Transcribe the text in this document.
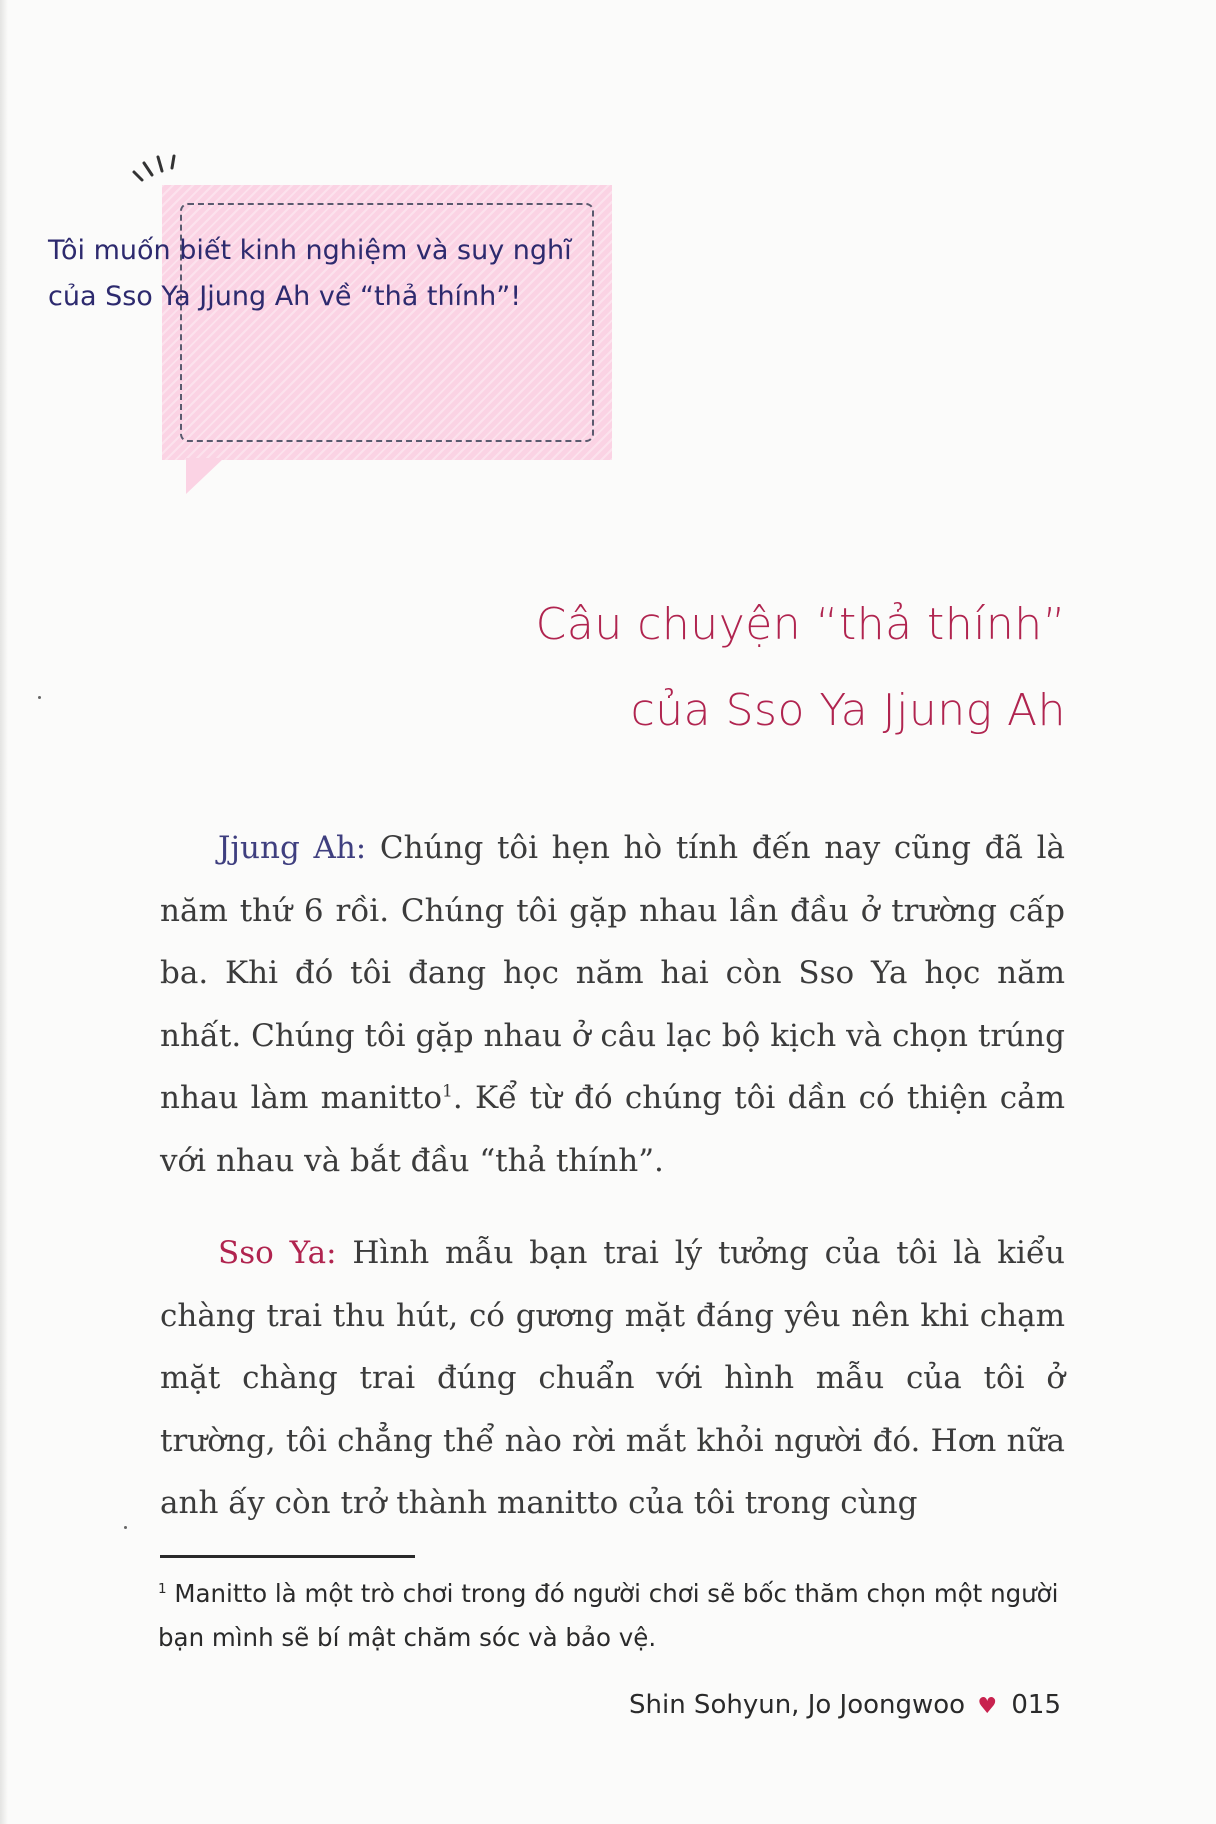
Tôi muốn biết kinh nghiệm và suy nghĩ của Sso Ya Jjung Ah về “thả thính”!

Câu chuyện “thả thính”
của Sso Ya Jjung Ah

Jjung Ah: Chúng tôi hẹn hò tính đến nay cũng đã là năm thứ 6 rồi. Chúng tôi gặp nhau lần đầu ở trường cấp ba. Khi đó tôi đang học năm hai còn Sso Ya học năm nhất. Chúng tôi gặp nhau ở câu lạc bộ kịch và chọn trúng nhau làm manitto$^1$. Kể từ đó chúng tôi dần có thiện cảm với nhau và bắt đầu “thả thính”.

Sso Ya: Hình mẫu bạn trai lý tưởng của tôi là kiểu chàng trai thu hút, có gương mặt đáng yêu nên khi chạm mặt chàng trai đúng chuẩn với hình mẫu của tôi ở trường, tôi chẳng thể nào rời mắt khỏi người đó. Hơn nữa anh ấy còn trở thành manitto của tôi trong cùng

$^1$ Manitto là một trò chơi trong đó người chơi sẽ bốc thăm chọn một người bạn mình sẽ bí mật chăm sóc và bảo vệ.

Shin Sohyun, Jo Joongwoo ♥ 015
